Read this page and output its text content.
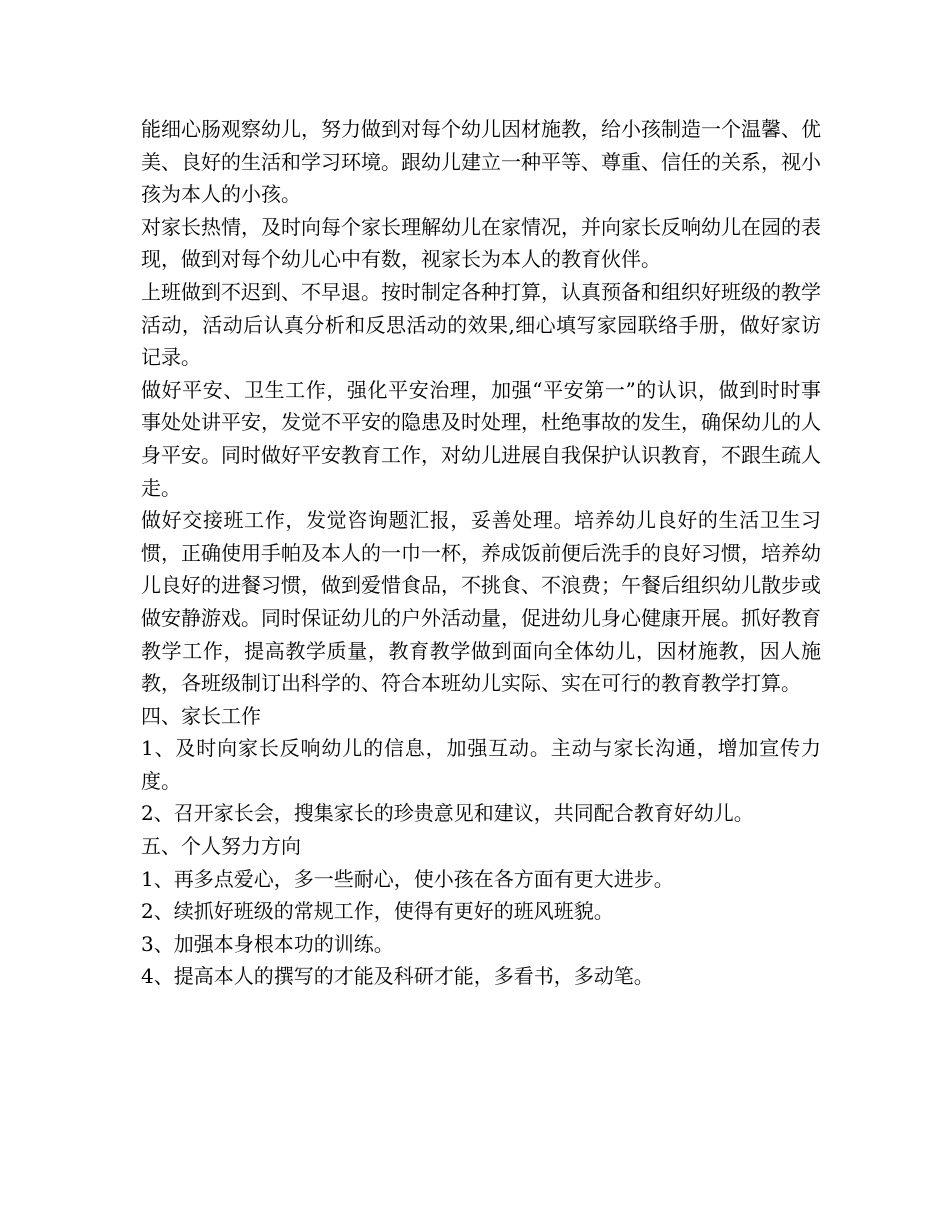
能细心肠观察幼儿，努力做到对每个幼儿因材施教，给小孩制造一个温馨、优美、良好的生活和学习环境。跟幼儿建立一种平等、尊重、信任的关系，视小孩为本人的小孩。

对家长热情，及时向每个家长理解幼儿在家情况，并向家长反响幼儿在园的表现，做到对每个幼儿心中有数，视家长为本人的教育伙伴。

上班做到不迟到、不早退。按时制定各种打算，认真预备和组织好班级的教学活动，活动后认真分析和反思活动的效果,细心填写家园联络手册，做好家访记录。

做好平安、卫生工作，强化平安治理，加强“平安第一”的认识，做到时时事事处处讲平安，发觉不平安的隐患及时处理，杜绝事故的发生，确保幼儿的人身平安。同时做好平安教育工作，对幼儿进展自我保护认识教育，不跟生疏人走。

做好交接班工作，发觉咨询题汇报，妥善处理。培养幼儿良好的生活卫生习惯，正确使用手帕及本人的一巾一杯，养成饭前便后洗手的良好习惯，培养幼儿良好的进餐习惯，做到爱惜食品，不挑食、不浪费；午餐后组织幼儿散步或做安静游戏。同时保证幼儿的户外活动量，促进幼儿身心健康开展。抓好教育教学工作，提高教学质量，教育教学做到面向全体幼儿，因材施教，因人施教，各班级制订出科学的、符合本班幼儿实际、实在可行的教育教学打算。

四、家长工作

1、及时向家长反响幼儿的信息，加强互动。主动与家长沟通，增加宣传力度。

2、召开家长会，搜集家长的珍贵意见和建议，共同配合教育好幼儿。

五、个人努力方向

1、再多点爱心，多一些耐心，使小孩在各方面有更大进步。

2、续抓好班级的常规工作，使得有更好的班风班貌。

3、加强本身根本功的训练。

4、提高本人的撰写的才能及科研才能，多看书，多动笔。
